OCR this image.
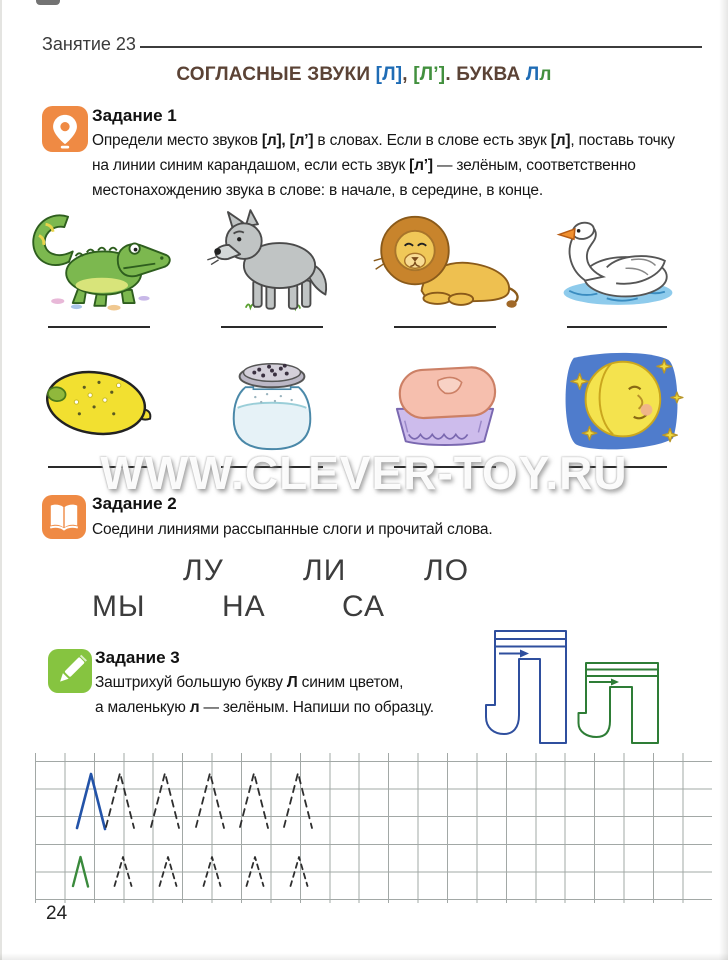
Занятие 23
СОГЛАСНЫЕ ЗВУКИ [Л], [Л’]. БУКВА Лл
Задание 1
Определи место звуков [л], [л’] в словах. Если в слове есть звук [л], поставь точку
на линии синим карандашом, если есть звук [л’] — зелёным, соответственно
местонахождению звука в слове: в начале, в середине, в конце.
WWW.CLEVER-TOY.RU
Задание 2
Соедини линиями рассыпанные слоги и прочитай слова.
ЛУ	ЛИ	ЛО
МЫ	НА	СА
Задание 3
Заштрихуй большую букву Л синим цветом,
а маленькую л — зелёным. Напиши по образцу.
24
